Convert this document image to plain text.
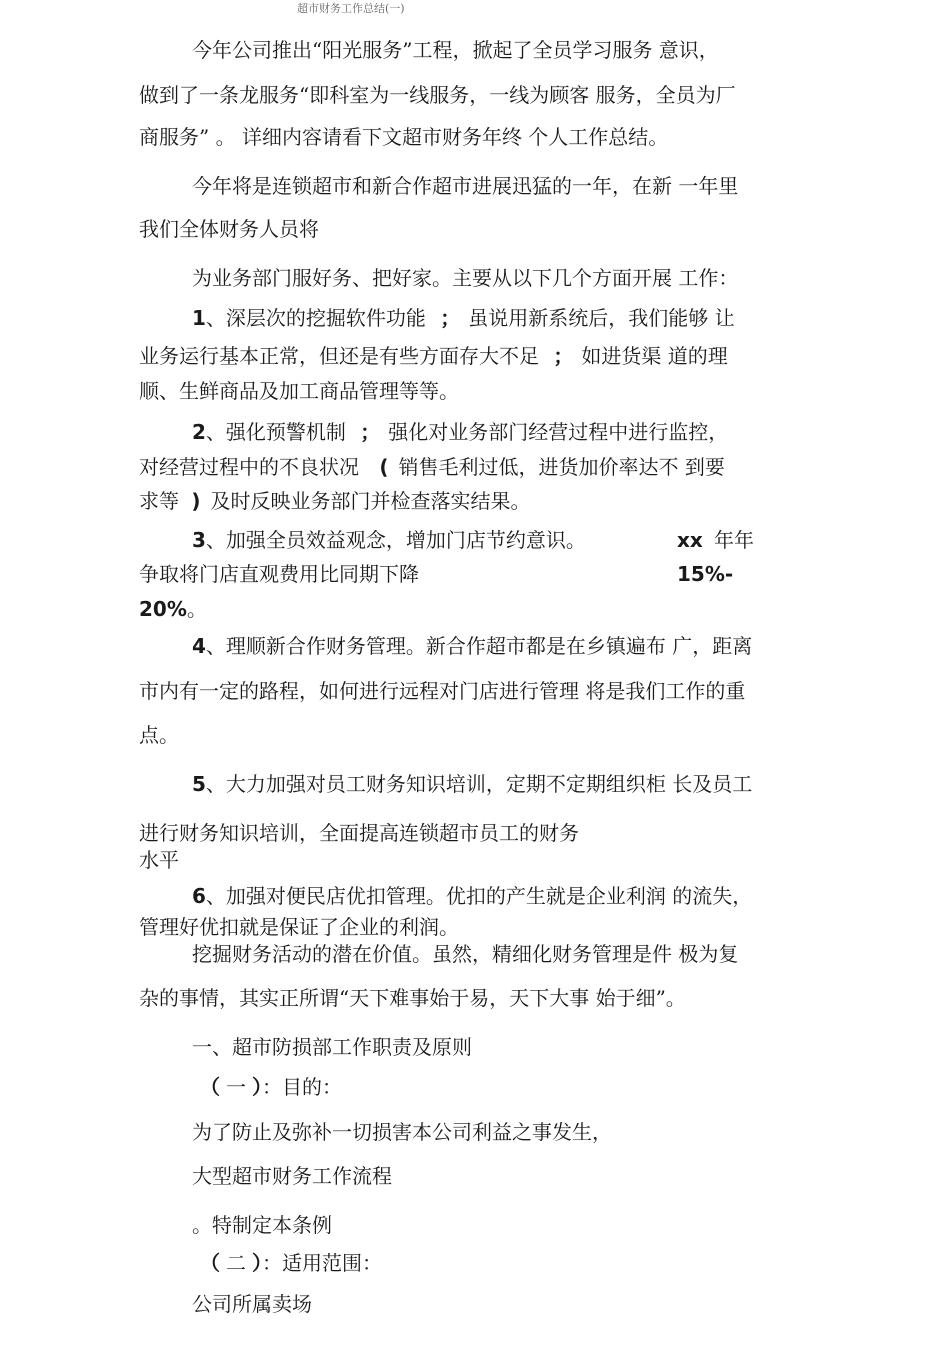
超市财务工作总结(一)
今年公司推出“阳光服务”工程，掀起了全员学习服务 意识，
做到了一条龙服务“即科室为一线服务，一线为顾客 服务，全员为厂
商服务” 。 详细内容请看下文超市财务年终 个人工作总结。
今年将是连锁超市和新合作超市进展迅猛的一年，在新 一年里
我们全体财务人员将
为业务部门服好务、把好家。主要从以下几个方面开展 工作：
1、深层次的挖掘软件功能 ； 虽说用新系统后，我们能够 让
业务运行基本正常，但还是有些方面存大不足 ； 如进货渠 道的理
顺、生鲜商品及加工商品管理等等。
2、强化预警机制 ； 强化对业务部门经营过程中进行监控，
对经营过程中的不良状况 ( 销售毛利过低，进货加价率达不 到要
求等 ) 及时反映业务部门并检查落实结果。
3、加强全员效益观念，增加门店节约意识。	xx 年年
争取将门店直观费用比同期下降	15%-
20%。
4、理顺新合作财务管理。新合作超市都是在乡镇遍布 广，距离
市内有一定的路程，如何进行远程对门店进行管理 将是我们工作的重
点。
5、大力加强对员工财务知识培训，定期不定期组织柜 长及员工
进行财务知识培训，全面提高连锁超市员工的财务
水平
6、加强对便民店优扣管理。优扣的产生就是企业利润 的流失，
管理好优扣就是保证了企业的利润。
挖掘财务活动的潜在价值。虽然，精细化财务管理是件 极为复
杂的事情，其实正所谓“天下难事始于易，天下大事 始于细”。
一、超市防损部工作职责及原则
（ 一 ）：目的：
为了防止及弥补一切损害本公司利益之事发生，
大型超市财务工作流程
。特制定本条例
（ 二 ）：适用范围：
公司所属卖场
